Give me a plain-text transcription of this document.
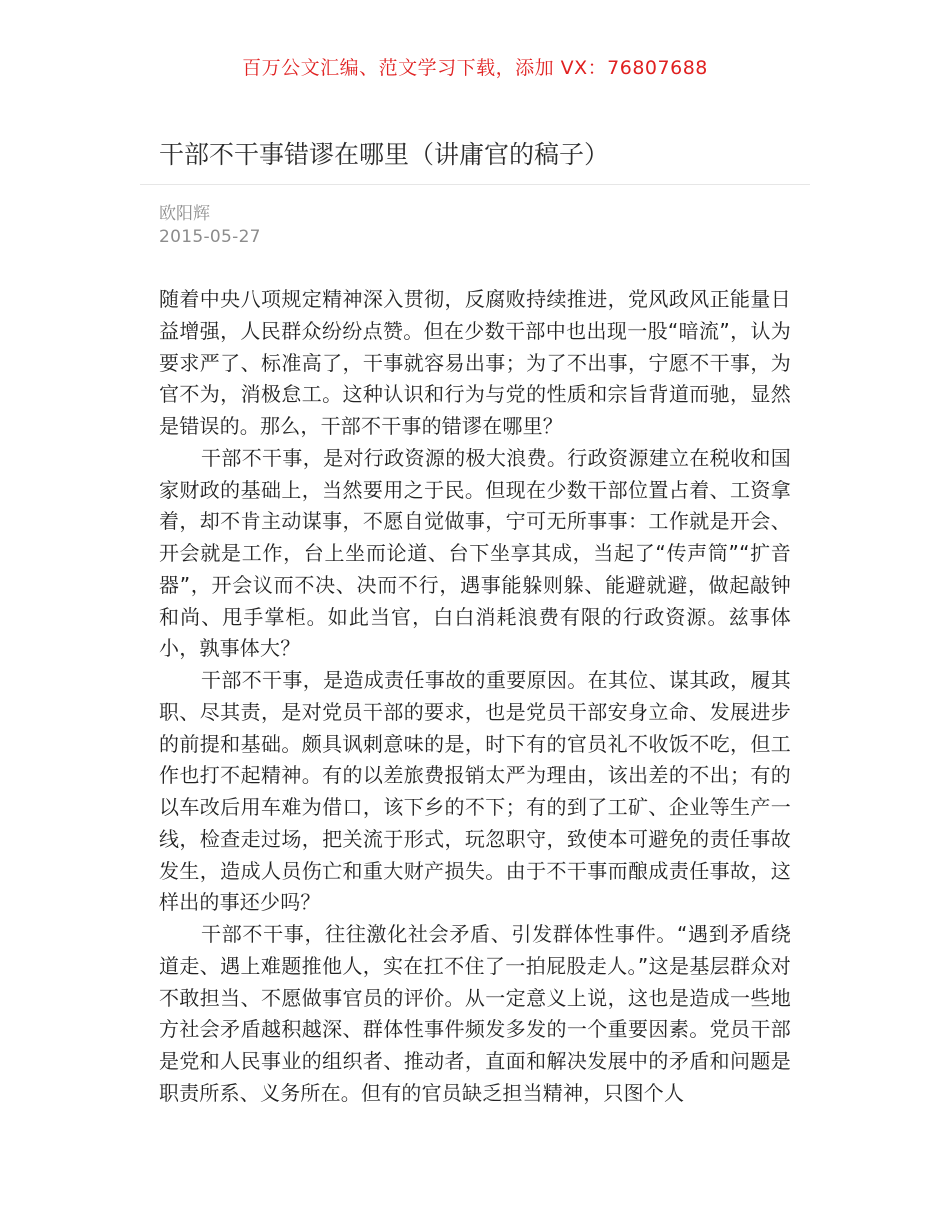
百万公文汇编、范文学习下载，添加 VX：76807688
干部不干事错谬在哪里（讲庸官的稿子）
欧阳辉
2015-05-27

随着中央八项规定精神深入贯彻，反腐败持续推进，党风政风正能量日益增强，人民群众纷纷点赞。但在少数干部中也出现一股“暗流”，认为要求严了、标准高了，干事就容易出事；为了不出事，宁愿不干事，为官不为，消极怠工。这种认识和行为与党的性质和宗旨背道而驰，显然是错误的。那么，干部不干事的错谬在哪里？

干部不干事，是对行政资源的极大浪费。行政资源建立在税收和国家财政的基础上，当然要用之于民。但现在少数干部位置占着、工资拿着，却不肯主动谋事，不愿自觉做事，宁可无所事事：工作就是开会、开会就是工作，台上坐而论道、台下坐享其成，当起了“传声筒”“扩音器”，开会议而不决、决而不行，遇事能躲则躲、能避就避，做起敲钟和尚、甩手掌柜。如此当官，白白消耗浪费有限的行政资源。兹事体小，孰事体大？

干部不干事，是造成责任事故的重要原因。在其位、谋其政，履其职、尽其责，是对党员干部的要求，也是党员干部安身立命、发展进步的前提和基础。颇具讽刺意味的是，时下有的官员礼不收饭不吃，但工作也打不起精神。有的以差旅费报销太严为理由，该出差的不出；有的以车改后用车难为借口，该下乡的不下；有的到了工矿、企业等生产一线，检查走过场，把关流于形式，玩忽职守，致使本可避免的责任事故发生，造成人员伤亡和重大财产损失。由于不干事而酿成责任事故，这样出的事还少吗？

干部不干事，往往激化社会矛盾、引发群体性事件。“遇到矛盾绕道走、遇上难题推他人，实在扛不住了一拍屁股走人。”这是基层群众对不敢担当、不愿做事官员的评价。从一定意义上说，这也是造成一些地方社会矛盾越积越深、群体性事件频发多发的一个重要因素。党员干部是党和人民事业的组织者、推动者，直面和解决发展中的矛盾和问题是职责所系、义务所在。但有的官员缺乏担当精神，只图个人
